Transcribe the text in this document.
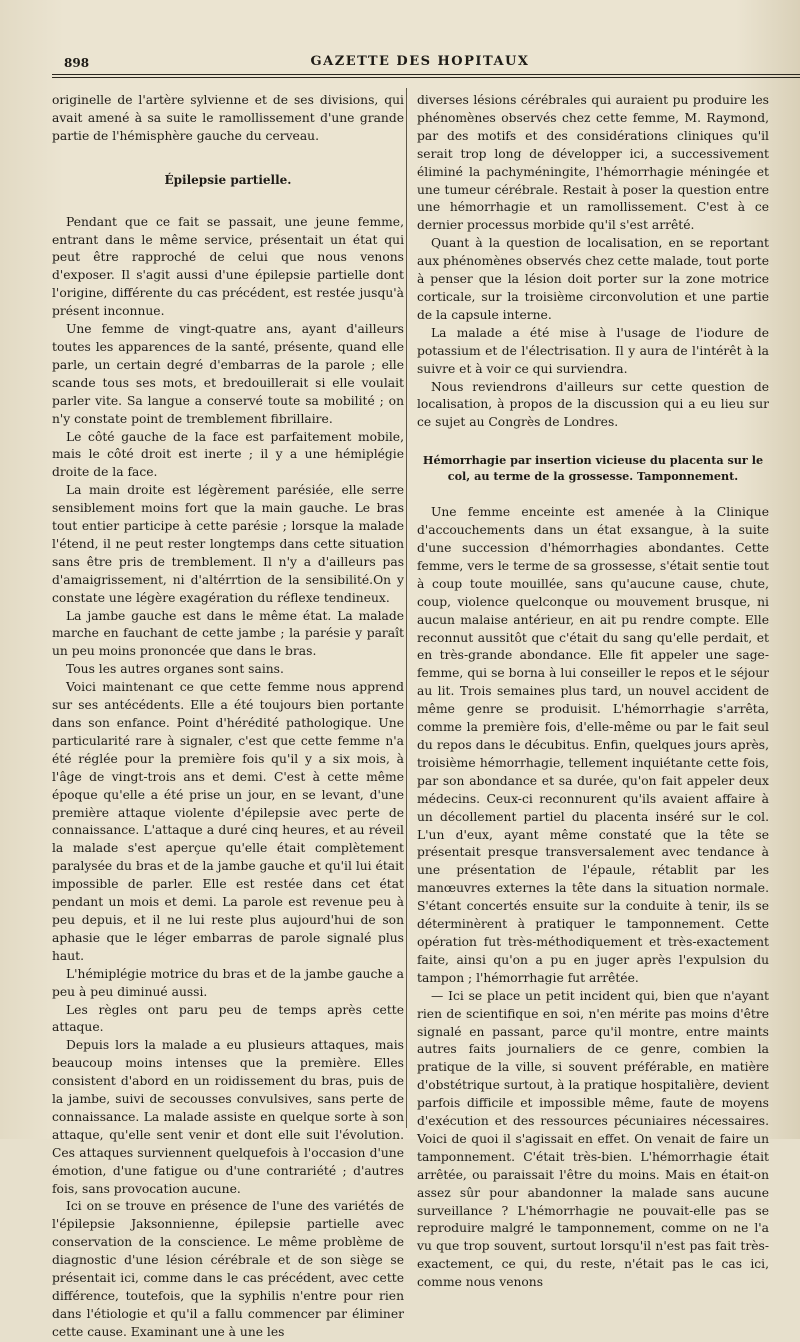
898	GAZETTE DES HOPITAUX

originelle de l'artère sylvienne et de ses divisions, qui avait amené à sa suite le ramollissement d'une grande partie de l'hémisphère gauche du cerveau.

Épilepsie partielle.

Pendant que ce fait se passait, une jeune femme, entrant dans le même service, présentait un état qui peut être rapproché de celui que nous venons d'exposer. Il s'agit aussi d'une épilepsie partielle dont l'origine, différente du cas précédent, est restée jusqu'à présent inconnue.

Une femme de vingt-quatre ans, ayant d'ailleurs toutes les apparences de la santé, présente, quand elle parle, un certain degré d'embarras de la parole ; elle scande tous ses mots, et bredouillerait si elle voulait parler vite. Sa langue a conservé toute sa mobilité ; on n'y constate point de tremblement fibrillaire.

Le côté gauche de la face est parfaitement mobile, mais le côté droit est inerte ; il y a une hémiplégie droite de la face.

La main droite est légèrement parésiée, elle serre sensiblement moins fort que la main gauche. Le bras tout entier participe à cette parésie ; lorsque la malade l'étend, il ne peut rester longtemps dans cette situation sans être pris de tremblement. Il n'y a d'ailleurs pas d'amaigrissement, ni d'altérrtion de la sensibilité.On y constate une légère exagération du réflexe tendineux.

La jambe gauche est dans le même état. La malade marche en fauchant de cette jambe ; la parésie y paraît un peu moins prononcée que dans le bras.

Tous les autres organes sont sains.

Voici maintenant ce que cette femme nous apprend sur ses antécédents. Elle a été toujours bien portante dans son enfance. Point d'hérédité pathologique. Une particularité rare à signaler, c'est que cette femme n'a été réglée pour la première fois qu'il y a six mois, à l'âge de vingt-trois ans et demi. C'est à cette même époque qu'elle a été prise un jour, en se levant, d'une première attaque violente d'épilepsie avec perte de connaissance. L'attaque a duré cinq heures, et au réveil la malade s'est aperçue qu'elle était complètement paralysée du bras et de la jambe gauche et qu'il lui était impossible de parler. Elle est restée dans cet état pendant un mois et demi. La parole est revenue peu à peu depuis, et il ne lui reste plus aujourd'hui de son aphasie que le léger embarras de parole signalé plus haut.

L'hémiplégie motrice du bras et de la jambe gauche a peu à peu diminué aussi.

Les règles ont paru peu de temps après cette attaque.

Depuis lors la malade a eu plusieurs attaques, mais beaucoup moins intenses que la première. Elles consistent d'abord en un roidissement du bras, puis de la jambe, suivi de secousses convulsives, sans perte de connaissance. La malade assiste en quelque sorte à son attaque, qu'elle sent venir et dont elle suit l'évolution. Ces attaques surviennent quelquefois à l'occasion d'une émotion, d'une fatigue ou d'une contrariété ; d'autres fois, sans provocation aucune.

Ici on se trouve en présence de l'une des variétés de l'épilepsie Jaksonnienne, épilepsie partielle avec conservation de la conscience. Le même problème de diagnostic d'une lésion cérébrale et de son siège se présentait ici, comme dans le cas précédent, avec cette différence, toutefois, que la syphilis n'entre pour rien dans l'étiologie et qu'il a fallu commencer par éliminer cette cause. Examinant une à une les

diverses lésions cérébrales qui auraient pu produire les phénomènes observés chez cette femme, M. Raymond, par des motifs et des considérations cliniques qu'il serait trop long de développer ici, a successivement éliminé la pachyméningite, l'hémorrhagie méningée et une tumeur cérébrale. Restait à poser la question entre une hémorrhagie et un ramollissement. C'est à ce dernier processus morbide qu'il s'est arrêté.

Quant à la question de localisation, en se reportant aux phénomènes observés chez cette malade, tout porte à penser que la lésion doit porter sur la zone motrice corticale, sur la troisième circonvolution et une partie de la capsule interne.

La malade a été mise à l'usage de l'iodure de potassium et de l'électrisation. Il y aura de l'intérêt à la suivre et à voir ce qui surviendra.

Nous reviendrons d'ailleurs sur cette question de localisation, à propos de la discussion qui a eu lieu sur ce sujet au Congrès de Londres.

Hémorrhagie par insertion vicieuse du placenta sur le col, au terme de la grossesse. Tamponnement.

Une femme enceinte est amenée à la Clinique d'accouchements dans un état exsangue, à la suite d'une succession d'hémorrhagies abondantes. Cette femme, vers le terme de sa grossesse, s'était sentie tout à coup toute mouillée, sans qu'aucune cause, chute, coup, violence quelconque ou mouvement brusque, ni aucun malaise antérieur, en ait pu rendre compte. Elle reconnut aussitôt que c'était du sang qu'elle perdait, et en très-grande abondance. Elle fit appeler une sage-femme, qui se borna à lui conseiller le repos et le séjour au lit. Trois semaines plus tard, un nouvel accident de même genre se produisit. L'hémorrhagie s'arrêta, comme la première fois, d'elle-même ou par le fait seul du repos dans le décubitus. Enfin, quelques jours après, troisième hémorrhagie, tellement inquiétante cette fois, par son abondance et sa durée, qu'on fait appeler deux médecins. Ceux-ci reconnurent qu'ils avaient affaire à un décollement partiel du placenta inséré sur le col. L'un d'eux, ayant même constaté que la tête se présentait presque transversalement avec tendance à une présentation de l'épaule, rétablit par les manœuvres externes la tête dans la situation normale. S'étant concertés ensuite sur la conduite à tenir, ils se déterminèrent à pratiquer le tamponnement. Cette opération fut très-méthodiquement et très-exactement faite, ainsi qu'on a pu en juger après l'expulsion du tampon ; l'hémorrhagie fut arrêtée.

— Ici se place un petit incident qui, bien que n'ayant rien de scientifique en soi, n'en mérite pas moins d'être signalé en passant, parce qu'il montre, entre maints autres faits journaliers de ce genre, combien la pratique de la ville, si souvent préférable, en matière d'obstétrique surtout, à la pratique hospitalière, devient parfois difficile et impossible même, faute de moyens d'exécution et des ressources pécuniaires nécessaires. Voici de quoi il s'agissait en effet. On venait de faire un tamponnement. C'était très-bien. L'hémorrhagie était arrêtée, ou paraissait l'être du moins. Mais en était-on assez sûr pour abandonner la malade sans aucune surveillance ? L'hémorrhagie ne pouvait-elle pas se reproduire malgré le tamponnement, comme on ne l'a vu que trop souvent, surtout lorsqu'il n'est pas fait très-exactement, ce qui, du reste, n'était pas le cas ici, comme nous venons
